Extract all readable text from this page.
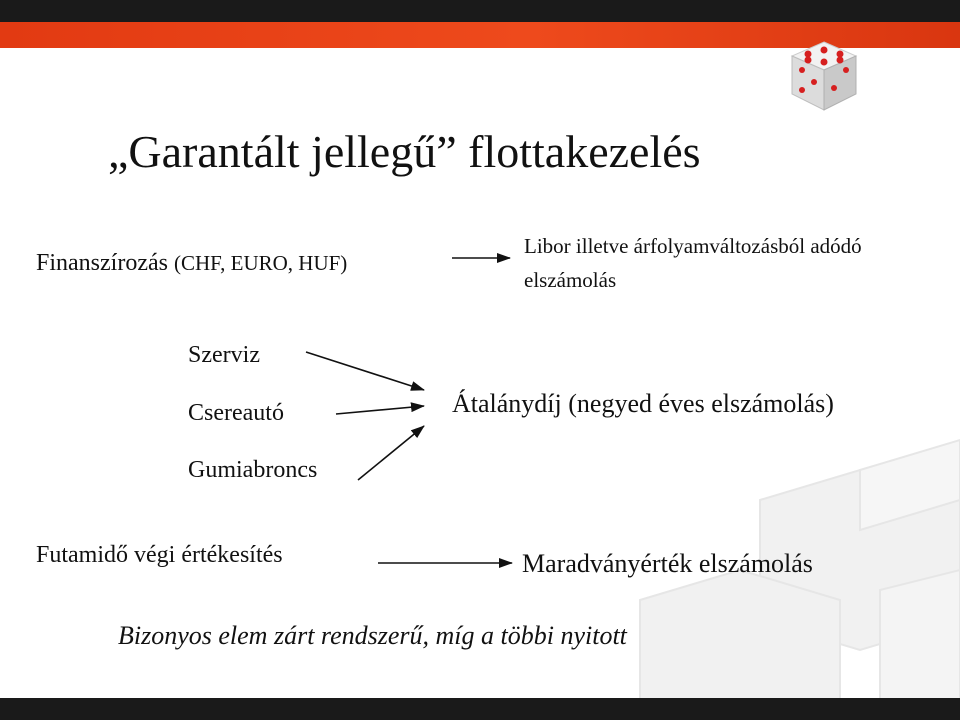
„Garantált jellegű” flottakezelés
Finanszírozás (CHF, EURO, HUF)
Libor illetve árfolyamváltozásból adódó
elszámolás
Szerviz
Csereautó
Gumiabroncs
Átalánydíj (negyed éves elszámolás)
Futamidő végi értékesítés	Maradványérték elszámolás
Bizonyos elem zárt rendszerű, míg a többi nyitott
